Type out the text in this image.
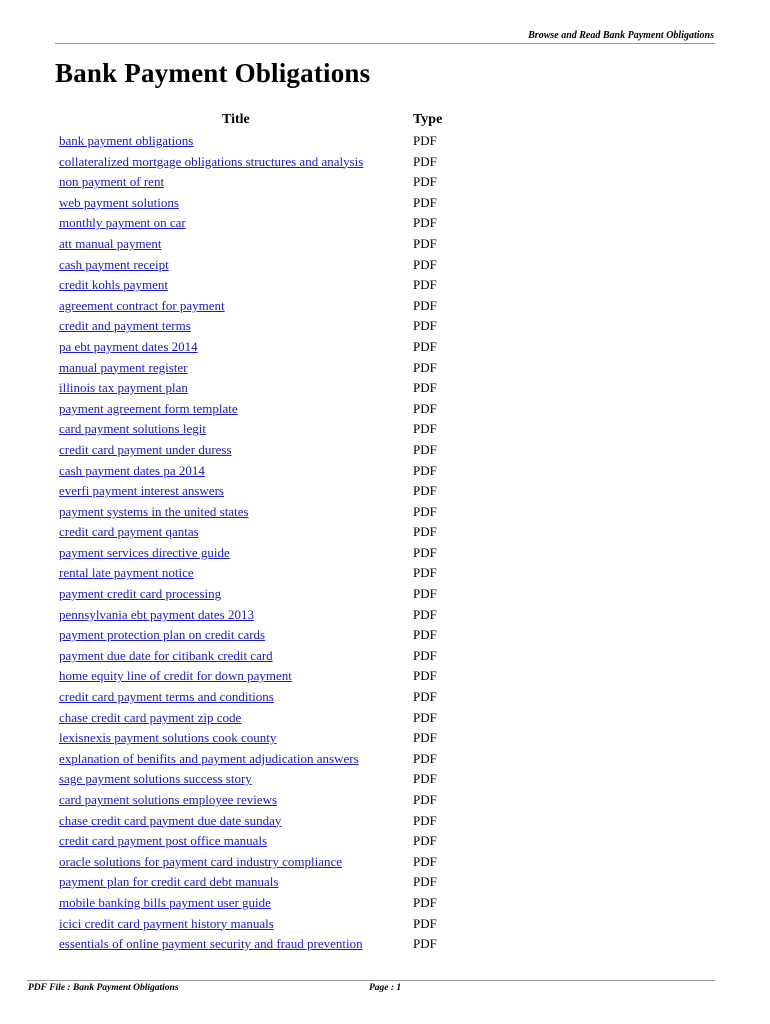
Browse and Read Bank Payment Obligations
Bank Payment Obligations
Title	Type
bank payment obligations	PDF
collateralized mortgage obligations structures and analysis	PDF
non payment of rent	PDF
web payment solutions	PDF
monthly payment on car	PDF
att manual payment	PDF
cash payment receipt	PDF
credit kohls payment	PDF
agreement contract for payment	PDF
credit and payment terms	PDF
pa ebt payment dates 2014	PDF
manual payment register	PDF
illinois tax payment plan	PDF
payment agreement form template	PDF
card payment solutions legit	PDF
credit card payment under duress	PDF
cash payment dates pa 2014	PDF
everfi payment interest answers	PDF
payment systems in the united states	PDF
credit card payment qantas	PDF
payment services directive guide	PDF
rental late payment notice	PDF
payment credit card processing	PDF
pennsylvania ebt payment dates 2013	PDF
payment protection plan on credit cards	PDF
payment due date for citibank credit card	PDF
home equity line of credit for down payment	PDF
credit card payment terms and conditions	PDF
chase credit card payment zip code	PDF
lexisnexis payment solutions cook county	PDF
explanation of benifits and payment adjudication answers	PDF
sage payment solutions success story	PDF
card payment solutions employee reviews	PDF
chase credit card payment due date sunday	PDF
credit card payment post office manuals	PDF
oracle solutions for payment card industry compliance	PDF
payment plan for credit card debt manuals	PDF
mobile banking bills payment user guide	PDF
icici credit card payment history manuals	PDF
essentials of online payment security and fraud prevention	PDF
PDF File : Bank Payment Obligations	Page : 1
